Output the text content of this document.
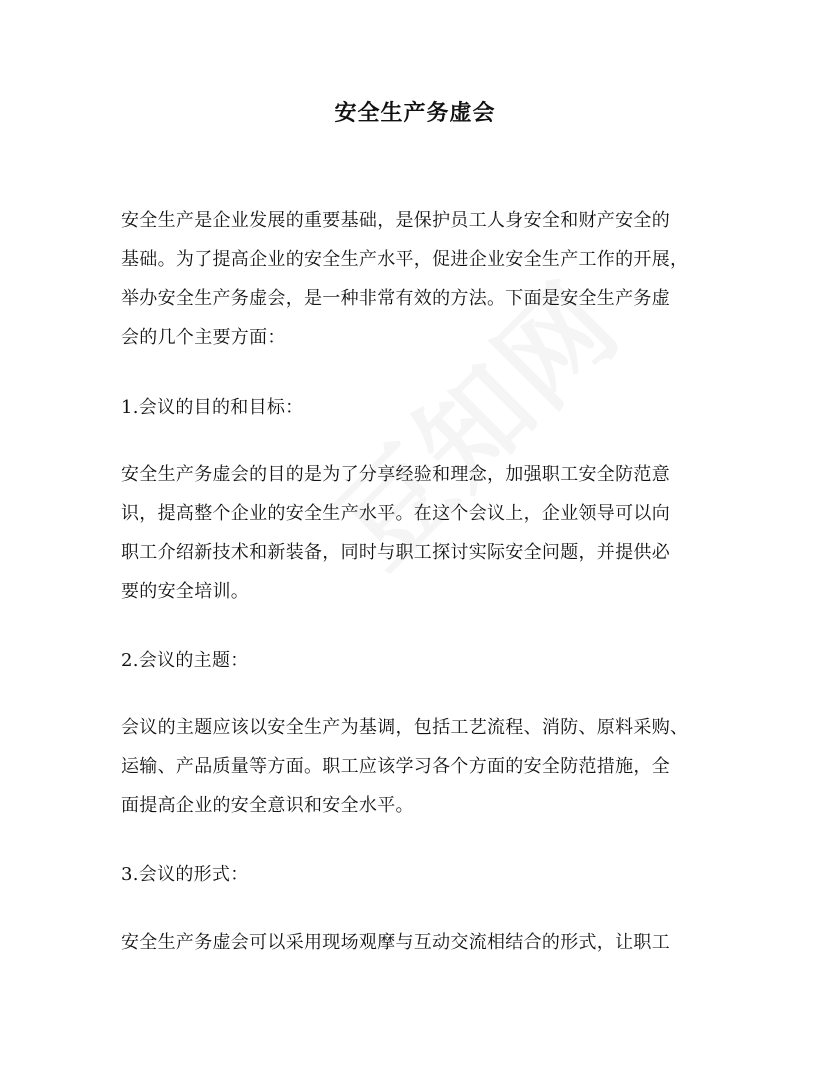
安全生产务虚会
安全生产是企业发展的重要基础，是保护员工人身安全和财产安全的
基础。为了提高企业的安全生产水平，促进企业安全生产工作的开展，
举办安全生产务虚会，是一种非常有效的方法。下面是安全生产务虚
会的几个主要方面：
1.会议的目的和目标：
安全生产务虚会的目的是为了分享经验和理念，加强职工安全防范意
识，提高整个企业的安全生产水平。在这个会议上，企业领导可以向
职工介绍新技术和新装备，同时与职工探讨实际安全问题，并提供必
要的安全培训。
2.会议的主题：
会议的主题应该以安全生产为基调，包括工艺流程、消防、原料采购、
运输、产品质量等方面。职工应该学习各个方面的安全防范措施，全
面提高企业的安全意识和安全水平。
3.会议的形式：
安全生产务虚会可以采用现场观摩与互动交流相结合的形式，让职工
